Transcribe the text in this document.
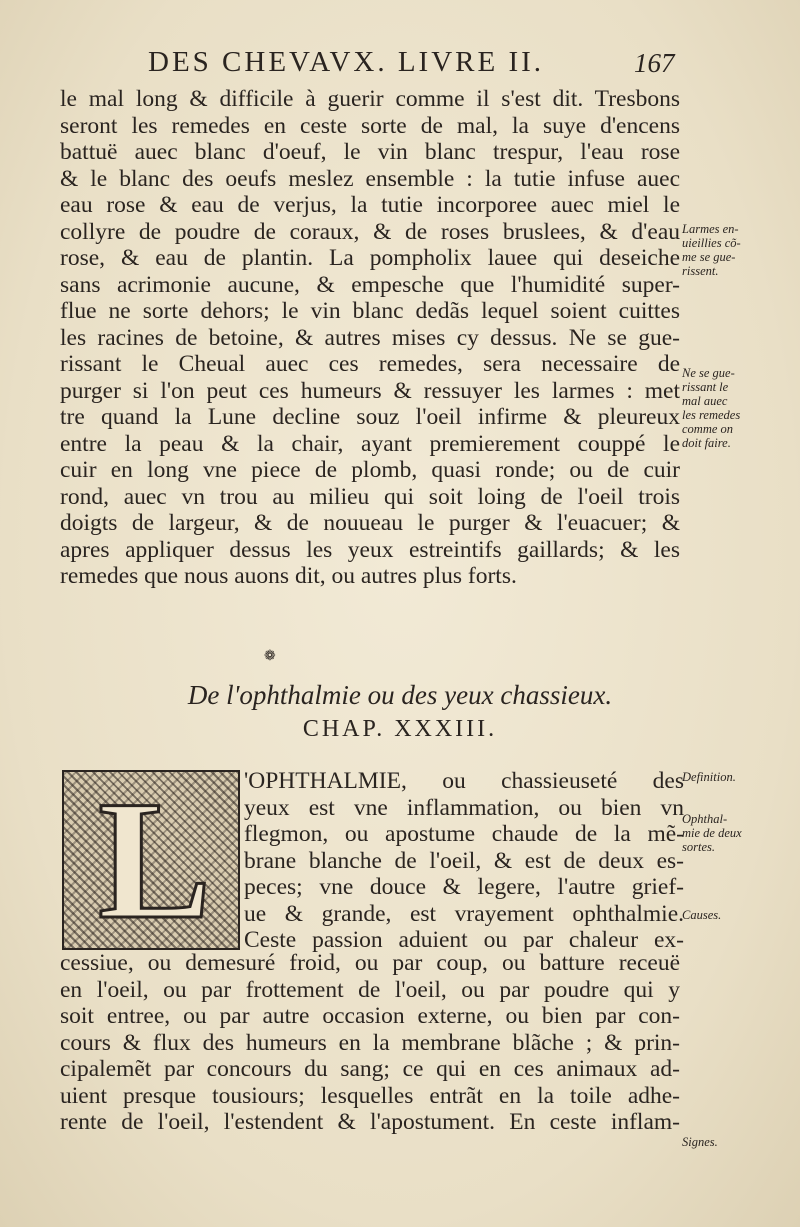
DES CHEVAVX. LIVRE II.	167
le mal long & difficile à guerir comme il s'est dit. Tresbons
seront les remedes en ceste sorte de mal, la suye d'encens
battuë auec blanc d'oeuf, le vin blanc trespur, l'eau rose
& le blanc des oeufs meslez ensemble : la tutie infuse auec
eau rose & eau de verjus, la tutie incorporee auec miel le
collyre de poudre de coraux, & de roses bruslees, & d'eau
rose, & eau de plantin. La pompholix lauee qui deseiche
sans acrimonie aucune, & empesche que l'humidité super-
flue ne sorte dehors; le vin blanc dedãs lequel soient cuittes
les racines de betoine, & autres mises cy dessus. Ne se gue-
rissant le Cheual auec ces remedes, sera necessaire de
purger si l'on peut ces humeurs & ressuyer les larmes : met
tre quand la Lune decline souz l'oeil infirme & pleureux
entre la peau & la chair, ayant premierement couppé le
cuir en long vne piece de plomb, quasi ronde; ou de cuir
rond, auec vn trou au milieu qui soit loing de l'oeil trois
doigts de largeur, & de nouueau le purger & l'euacuer; &
apres appliquer dessus les yeux estreintifs gaillards; & les
remedes que nous auons dit, ou autres plus forts.
Larmes en-
uieillies cõ-
me se gue-
rissent.
Ne se gue-
rissant le
mal auec
les remedes
comme on
doit faire.
❁
De l'ophthalmie ou des yeux chassieux.
CHAP. XXXIII.
L 'OPHTHALMIE, ou chassieuseté des
yeux est vne inflammation, ou bien vn
flegmon, ou apostume chaude de la mẽ-
brane blanche de l'oeil, & est de deux es-
peces; vne douce & legere, l'autre grief-
ue & grande, est vrayement ophthalmie.
Ceste passion aduient ou par chaleur ex-
Definition.
Ophthal-
mie de deux
sortes.
Causes.
cessiue, ou demesuré froid, ou par coup, ou batture receuë
en l'oeil, ou par frottement de l'oeil, ou par poudre qui y
soit entree, ou par autre occasion externe, ou bien par con-
cours & flux des humeurs en la membrane blãche ; & prin-
cipalemẽt par concours du sang; ce qui en ces animaux ad-
uient presque tousiours; lesquelles entrãt en la toile adhe-
rente de l'oeil, l'estendent & l'apostument. En ceste inflam-
Signes.
